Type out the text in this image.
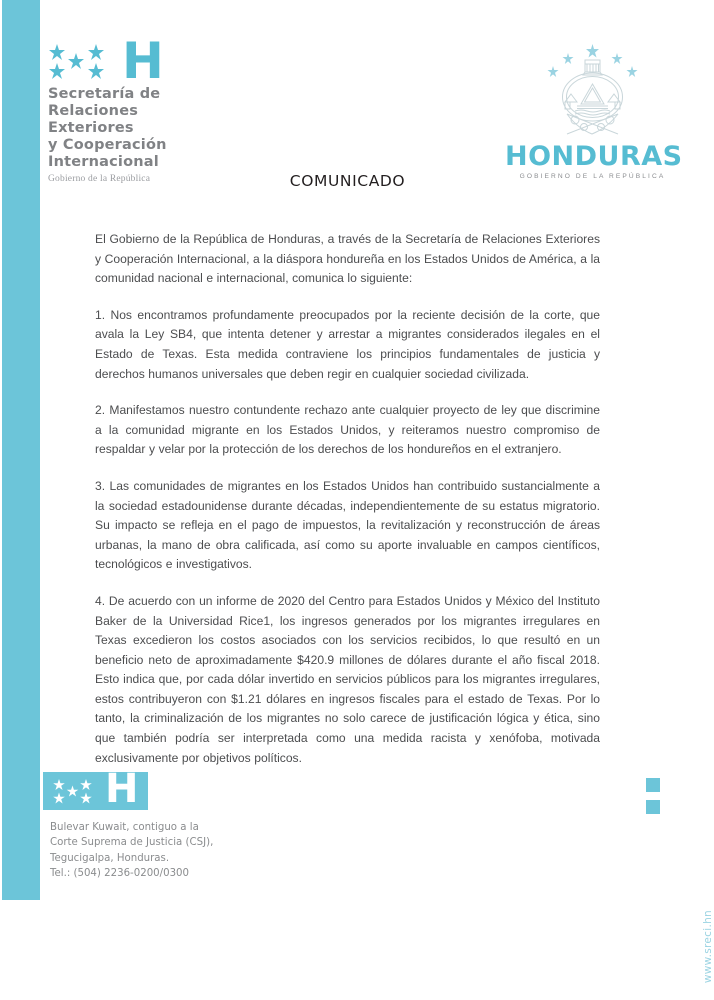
H
Secretaría de
Relaciones
Exteriores
y Cooperación
Internacional
Gobierno de la República
HONDURAS
GOBIERNO DE LA REPÚBLICA
COMUNICADO

El Gobierno de la República de Honduras, a través de la Secretaría de Relaciones Exteriores y Cooperación Internacional, a la diáspora hondureña en los Estados Unidos de América, a la comunidad nacional e internacional, comunica lo siguiente:

1. Nos encontramos profundamente preocupados por la reciente decisión de la corte, que avala la Ley SB4, que intenta detener y arrestar a migrantes considerados ilegales en el Estado de Texas. Esta medida contraviene los principios fundamentales de justicia y derechos humanos universales que deben regir en cualquier sociedad civilizada.

2. Manifestamos nuestro contundente rechazo ante cualquier proyecto de ley que discrimine a la comunidad migrante en los Estados Unidos, y reiteramos nuestro compromiso de respaldar y velar por la protección de los derechos de los hondureños en el extranjero.

3. Las comunidades de migrantes en los Estados Unidos han contribuido sustancialmente a la sociedad estadounidense durante décadas, independientemente de su estatus migratorio. Su impacto se refleja en el pago de impuestos, la revitalización y reconstrucción de áreas urbanas, la mano de obra calificada, así como su aporte invaluable en campos científicos, tecnológicos e investigativos.

4. De acuerdo con un informe de 2020 del Centro para Estados Unidos y México del Instituto Baker de la Universidad Rice1, los ingresos generados por los migrantes irregulares en Texas excedieron los costos asociados con los servicios recibidos, lo que resultó en un beneficio neto de aproximadamente $420.9 millones de dólares durante el año fiscal 2018. Esto indica que, por cada dólar invertido en servicios públicos para los migrantes irregulares, estos contribuyeron con $1.21 dólares en ingresos fiscales para el estado de Texas. Por lo tanto, la criminalización de los migrantes no solo carece de justificación lógica y ética, sino que también podría ser interpretada como una medida racista y xenófoba, motivada exclusivamente por objetivos políticos.

H
Bulevar Kuwait, contiguo a la
Corte Suprema de Justicia (CSJ),
Tegucigalpa, Honduras.
Tel.: (504) 2236-0200/0300
www.sreci.hn
